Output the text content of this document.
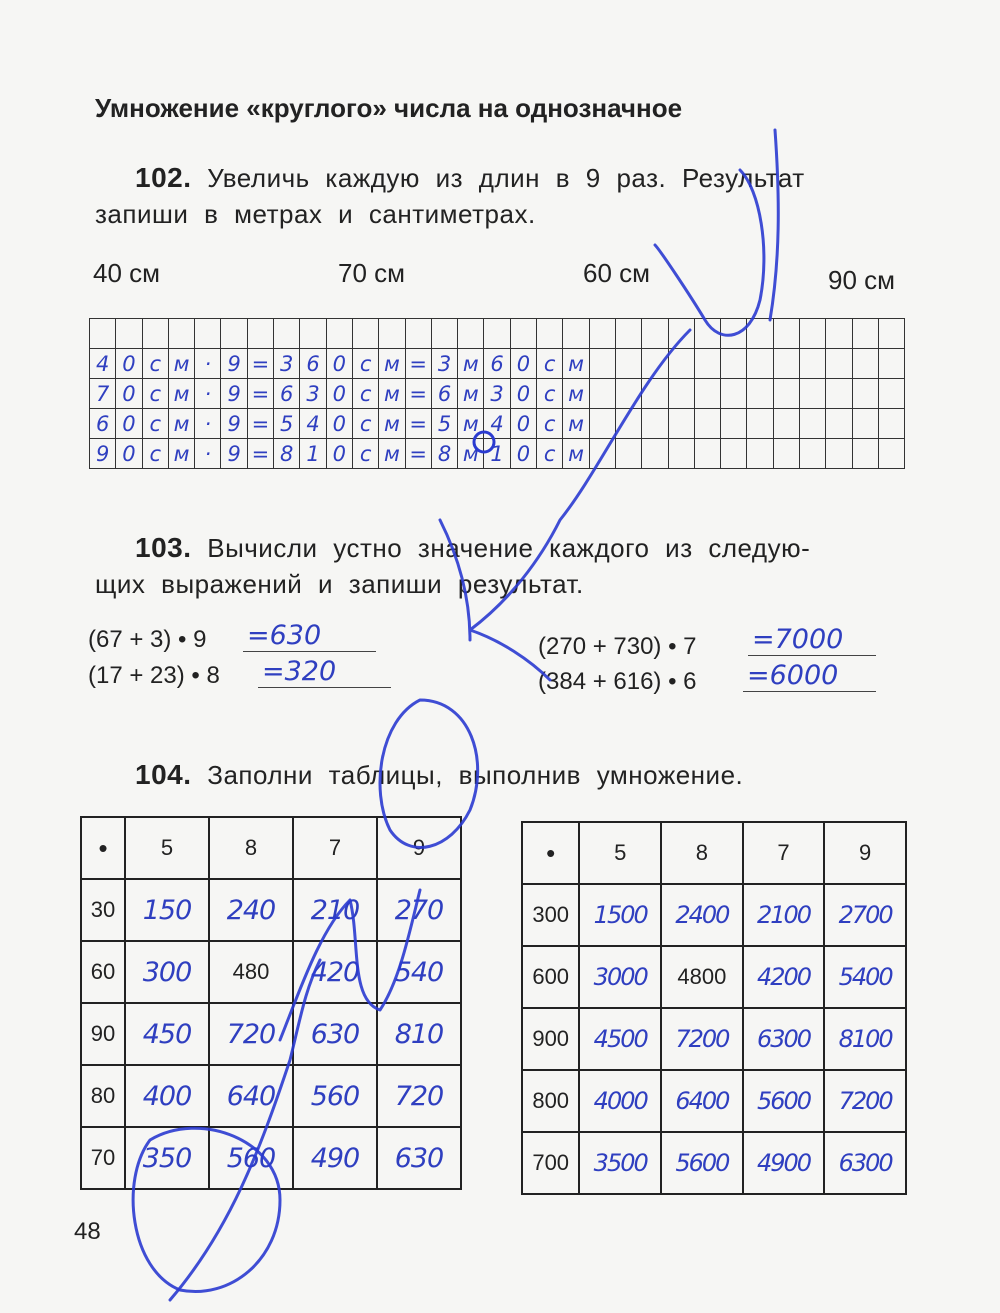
Умножение «круглого» числа на однозначное
102. Увеличь каждую из длин в 9 раз. Результат
запиши в метрах и сантиметрах.
40 см	70 см	60 см	90 см

4	0	с	м	·	9	=	3	6	0	с	м	=	3	м	6	0	с	м												
7	0	с	м	·	9	=	6	3	0	с	м	=	6	м	3	0	с	м												
6	0	с	м	·	9	=	5	4	0	с	м	=	5	м	4	0	с	м												
9	0	с	м	·	9	=	8	1	0	с	м	=	8	м	1	0	с	м												
103. Вычисли устно значение каждого из следую-
щих выражений и запиши результат.
(67 + 3) • 9 =630
(17 + 23) • 8 =320
(270 + 730) • 7 =7000
(384 + 616) • 6 =6000
104. Заполни таблицы, выполнив умножение.
•	5	8	7	9
30	150	240	210	270
60	300	480	420	540
90	450	720	630	810
80	400	640	560	720
70	350	560	490	630
•	5	8	7	9
300	1500	2400	2100	2700
600	3000	4800	4200	5400
900	4500	7200	6300	8100
800	4000	6400	5600	7200
700	3500	5600	4900	6300
48
